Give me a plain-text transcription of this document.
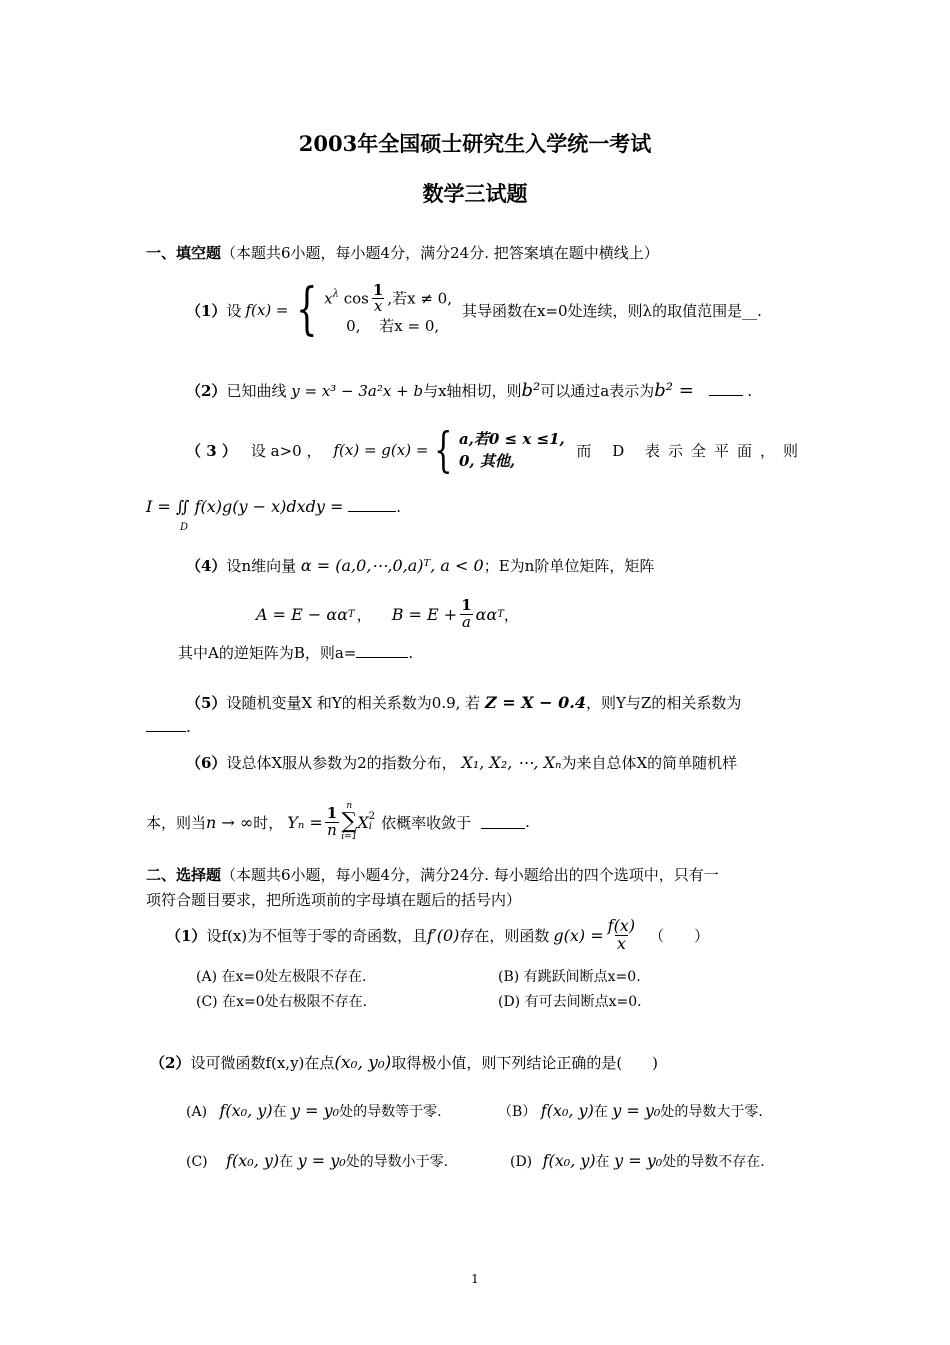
2003年全国硕士研究生入学统一考试
数学三试题
一、填空题（本题共6小题，每小题4分，满分24分. 把答案填在题中横线上）
（1） 设 f(x) = { $x^\lambda$ $\cos \frac{1}{x}$ ,若x ≠ 0,
0, 若x = 0,
其导函数在x=0处连续，则λ的取值范围是__.
（2）已知曲线 y = x³ − 3a²x + b与x轴相切，则b²可以通过a表示为b² =	.
（ 3 ） 设 a>0 ， f(x) = g(x) = { a,若0 ≤ x ≤1,
0, 其他,
而 D 表示全平面，则
I = ∬ f(x)g(y − x)dxdy =	.
D
（4）设n维向量 α = (a,0,⋯,0,a)ᵀ, a < 0；E为n阶单位矩阵，矩阵
A = E − αα T ， $B = E + \frac{1}{a}$ αα T ，
其中A的逆矩阵为B，则a=	.
（5）设随机变量X 和Y的相关系数为0.9, 若 Z = X − 0.4，则Y与Z的相关系数为
.
（6）设总体X服从参数为2的指数分布， X₁, X₂, ⋯, Xₙ为来自总体X的简单随机样
本，则当 n → ∞ 时， $Y_n = \frac{1}{n}$ n
∑
i=1
X 2
i 依概率收敛于	.
二、选择题（本题共6小题，每小题4分，满分24分. 每小题给出的四个选项中，只有一
项符合题目要求，把所选项前的字母填在题后的括号内）
（1） 设f(x)为不恒等于零的奇函数，且 f′(0) 存在，则函数 $g(x) = \frac{f(x)}{x}$ （　　）
(A) 在x=0处左极限不存在.	(B) 有跳跃间断点x=0.
(C) 在x=0处右极限不存在.	(D) 有可去间断点x=0.
（2）设可微函数f(x,y)在点(x₀, y₀)取得极小值，则下列结论正确的是(　　)
(A) f(x₀, y)在 y = y₀处的导数等于零.	（B） f(x₀, y)在 y = y₀处的导数大于零.
(C) f(x₀, y)在 y = y₀处的导数小于零.	(D) f(x₀, y)在 y = y₀处的导数不存在.
1
